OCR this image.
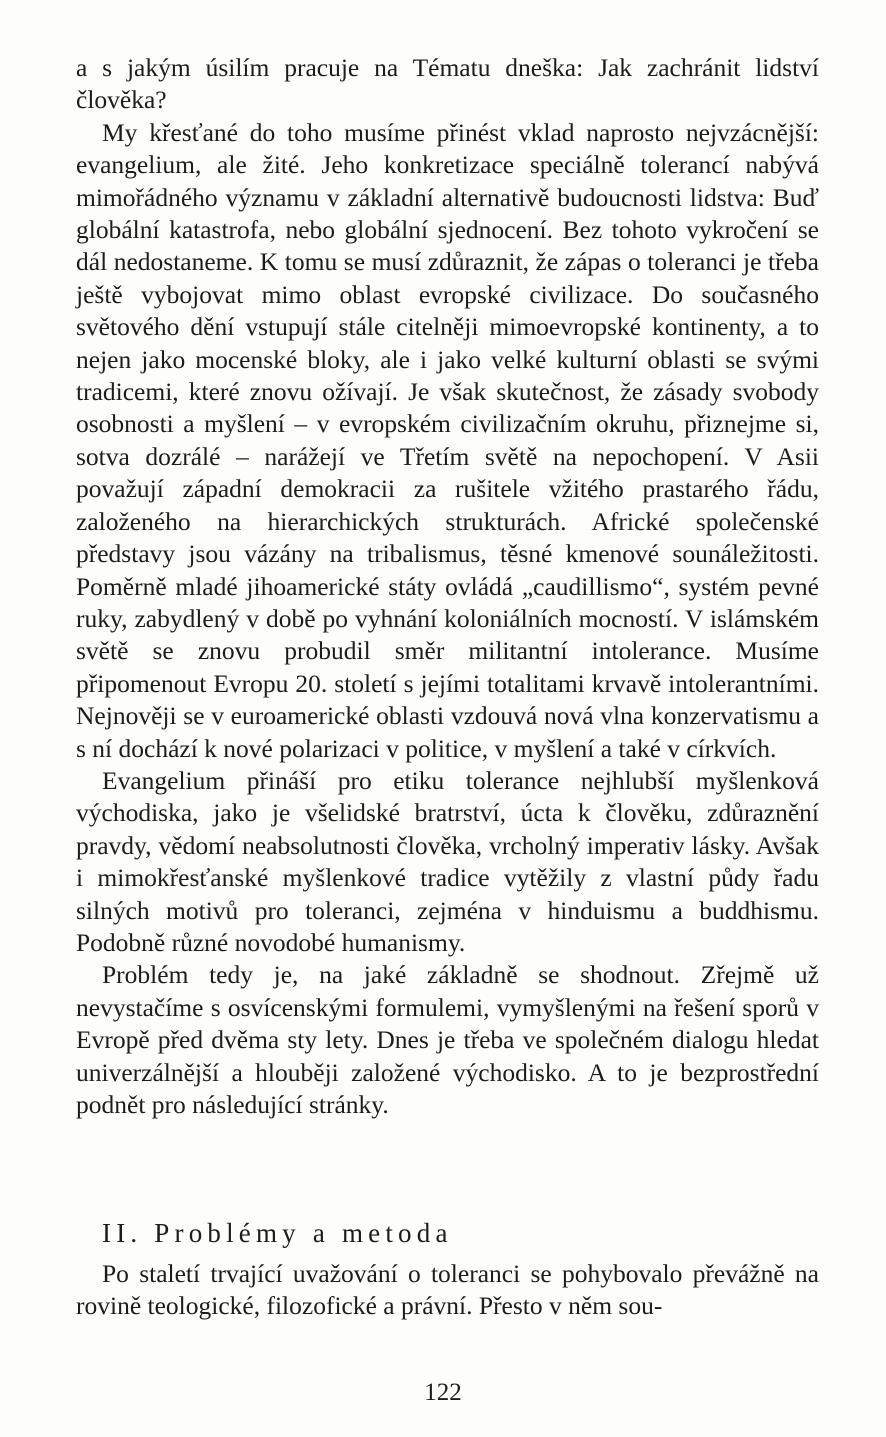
a s jakým úsilím pracuje na Tématu dneška: Jak zachránit lidství člověka?

My křesťané do toho musíme přinést vklad naprosto nejvzácnější: evangelium, ale žité. Jeho konkretizace speciálně tolerancí nabývá mimořádného významu v základní alternativě budoucnosti lidstva: Buď globální katastrofa, nebo globální sjednocení. Bez tohoto vykročení se dál nedostaneme. K tomu se musí zdůraznit, že zápas o toleranci je třeba ještě vybojovat mimo oblast evropské civilizace. Do současného světového dění vstupují stále citelněji mimoevropské kontinenty, a to nejen jako mocenské bloky, ale i jako velké kulturní oblasti se svými tradicemi, které znovu ožívají. Je však skutečnost, že zásady svobody osobnosti a myšlení – v evropském civilizačním okruhu, přiznejme si, sotva dozrálé – narážejí ve Třetím světě na nepochopení. V Asii považují západní demokracii za rušitele vžitého prastarého řádu, založeného na hierarchických strukturách. Africké společenské představy jsou vázány na tribalismus, těsné kmenové sounáležitosti. Poměrně mladé jihoamerické státy ovládá „caudillismo“, systém pevné ruky, zabydlený v době po vyhnání koloniálních mocností. V islámském světě se znovu probudil směr militantní intolerance. Musíme připomenout Evropu 20. století s jejími totalitami krvavě intolerantními. Nejnověji se v euroamerické oblasti vzdouvá nová vlna konzervatismu a s ní dochází k nové polarizaci v politice, v myšlení a také v církvích.

Evangelium přináší pro etiku tolerance nejhlubší myšlenková východiska, jako je všelidské bratrství, úcta k člověku, zdůraznění pravdy, vědomí neabsolutnosti člověka, vrcholný imperativ lásky. Avšak i mimokřesťanské myšlenkové tradice vytěžily z vlastní půdy řadu silných motivů pro toleranci, zejména v hinduismu a buddhismu. Podobně různé novodobé humanismy.

Problém tedy je, na jaké základně se shodnout. Zřejmě už nevystačíme s osvícenskými formulemi, vymyšlenými na řešení sporů v Evropě před dvěma sty lety. Dnes je třeba ve společném dialogu hledat univerzálnější a hlouběji založené východisko. A to je bezprostřední podnět pro následující stránky.

II. Problémy a metoda

Po staletí trvající uvažování o toleranci se pohybovalo převážně na rovině teologické, filozofické a právní. Přesto v něm sou-

122
